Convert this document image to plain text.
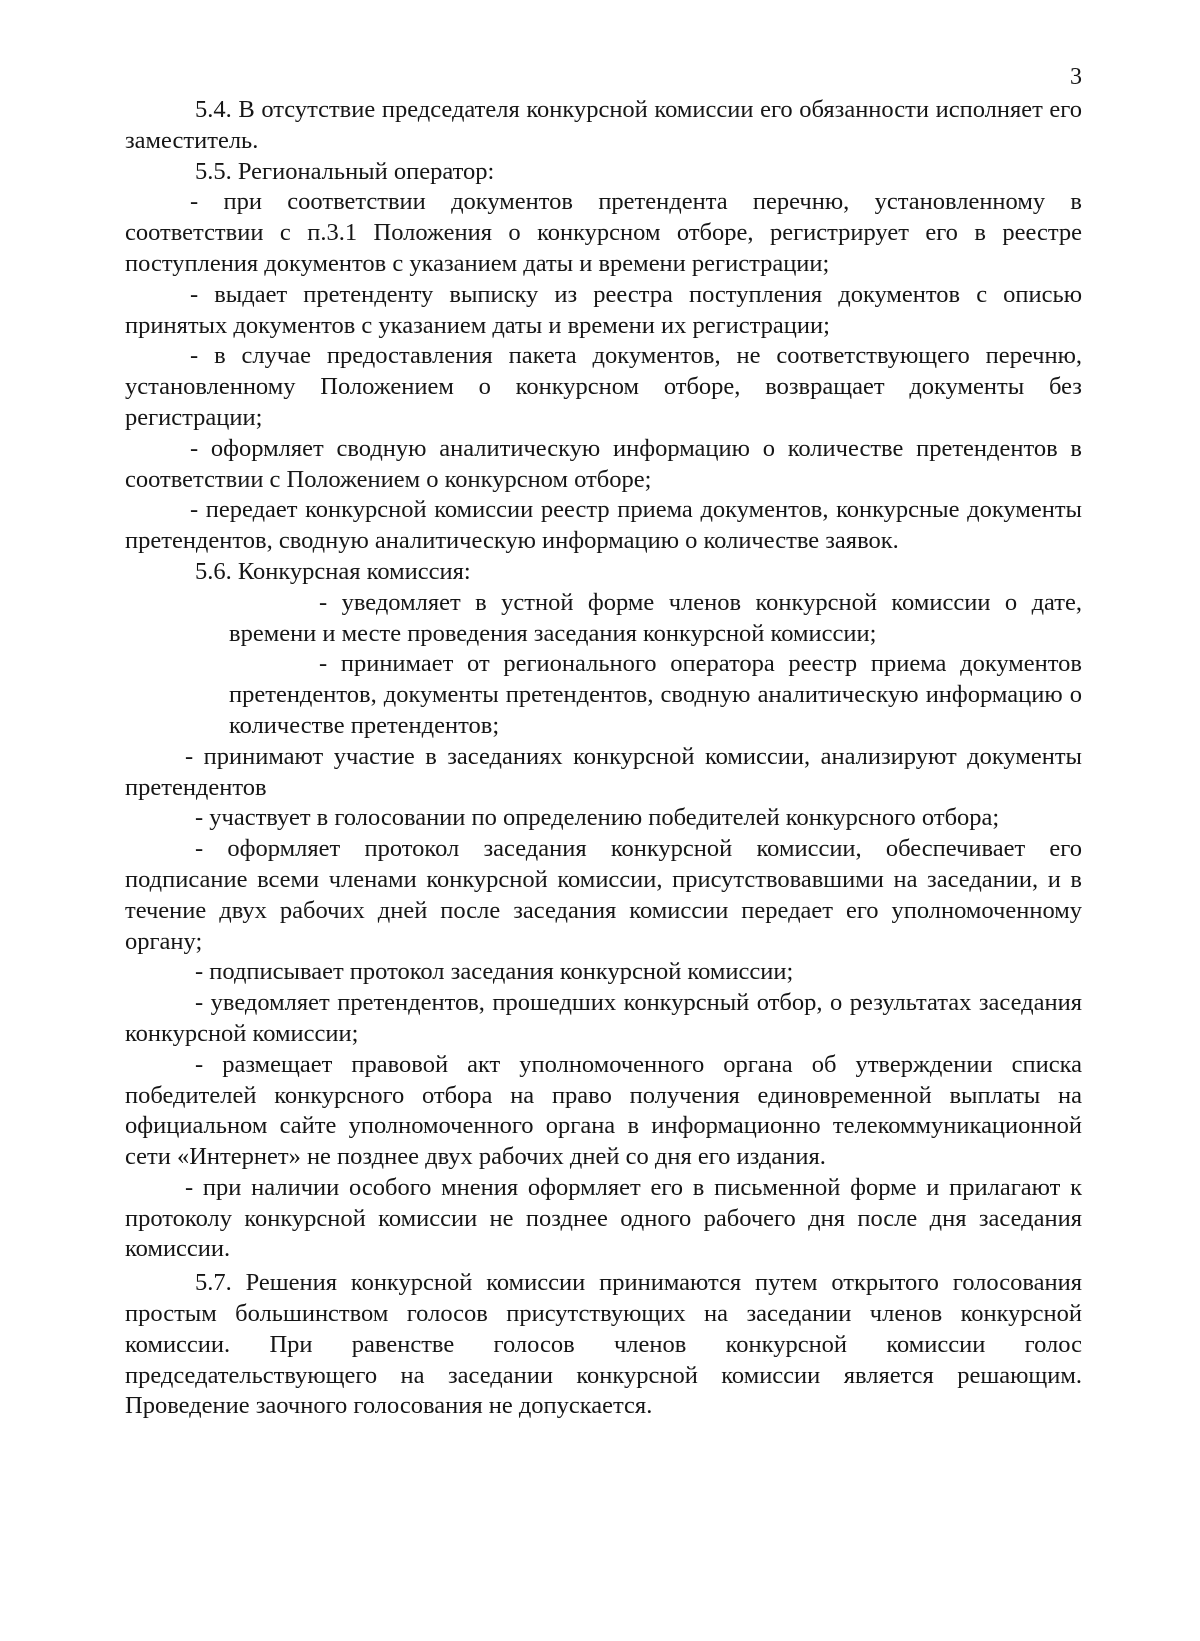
3

5.4. В отсутствие председателя конкурсной комиссии его обязанности исполняет его заместитель.

5.5. Региональный оператор:

- при соответствии документов претендента перечню, установленному в соответствии с п.3.1 Положения о конкурсном отборе, регистрирует его в реестре поступления документов с указанием даты и времени регистрации;

- выдает претенденту выписку из реестра поступления документов с описью принятых документов с указанием даты и времени их регистрации;

- в случае предоставления пакета документов, не соответствующего перечню, установленному Положением о конкурсном отборе, возвращает документы без регистрации;

- оформляет сводную аналитическую информацию о количестве претендентов в соответствии с Положением о конкурсном отборе;

- передает конкурсной комиссии реестр приема документов, конкурсные документы претендентов, сводную аналитическую информацию о количестве заявок.

5.6. Конкурсная комиссия:

- уведомляет в устной форме членов конкурсной комиссии о дате, времени и месте проведения заседания конкурсной комиссии;

- принимает от регионального оператора реестр приема документов претендентов, документы претендентов, сводную аналитическую информацию о количестве претендентов;

- принимают участие в заседаниях конкурсной комиссии, анализируют документы претендентов

- участвует в голосовании по определению победителей конкурсного отбора;

- оформляет протокол заседания конкурсной комиссии, обеспечивает его подписание всеми членами конкурсной комиссии, присутствовавшими на заседании, и в течение двух рабочих дней после заседания комиссии передает его уполномоченному органу;

- подписывает протокол заседания конкурсной комиссии;

- уведомляет претендентов, прошедших конкурсный отбор, о результатах заседания конкурсной комиссии;

- размещает правовой акт уполномоченного органа об утверждении списка победителей конкурсного отбора на право получения единовременной выплаты на официальном сайте уполномоченного органа в информационно телекоммуникационной сети «Интернет» не позднее двух рабочих дней со дня его издания.

- при наличии особого мнения оформляет его в письменной форме и прилагают к протоколу конкурсной комиссии не позднее одного рабочего дня после дня заседания комиссии.

5.7. Решения конкурсной комиссии принимаются путем открытого голосования простым большинством голосов присутствующих на заседании членов конкурсной комиссии. При равенстве голосов членов конкурсной комиссии голос председательствующего на заседании конкурсной комиссии является решающим. Проведение заочного голосования не допускается.
